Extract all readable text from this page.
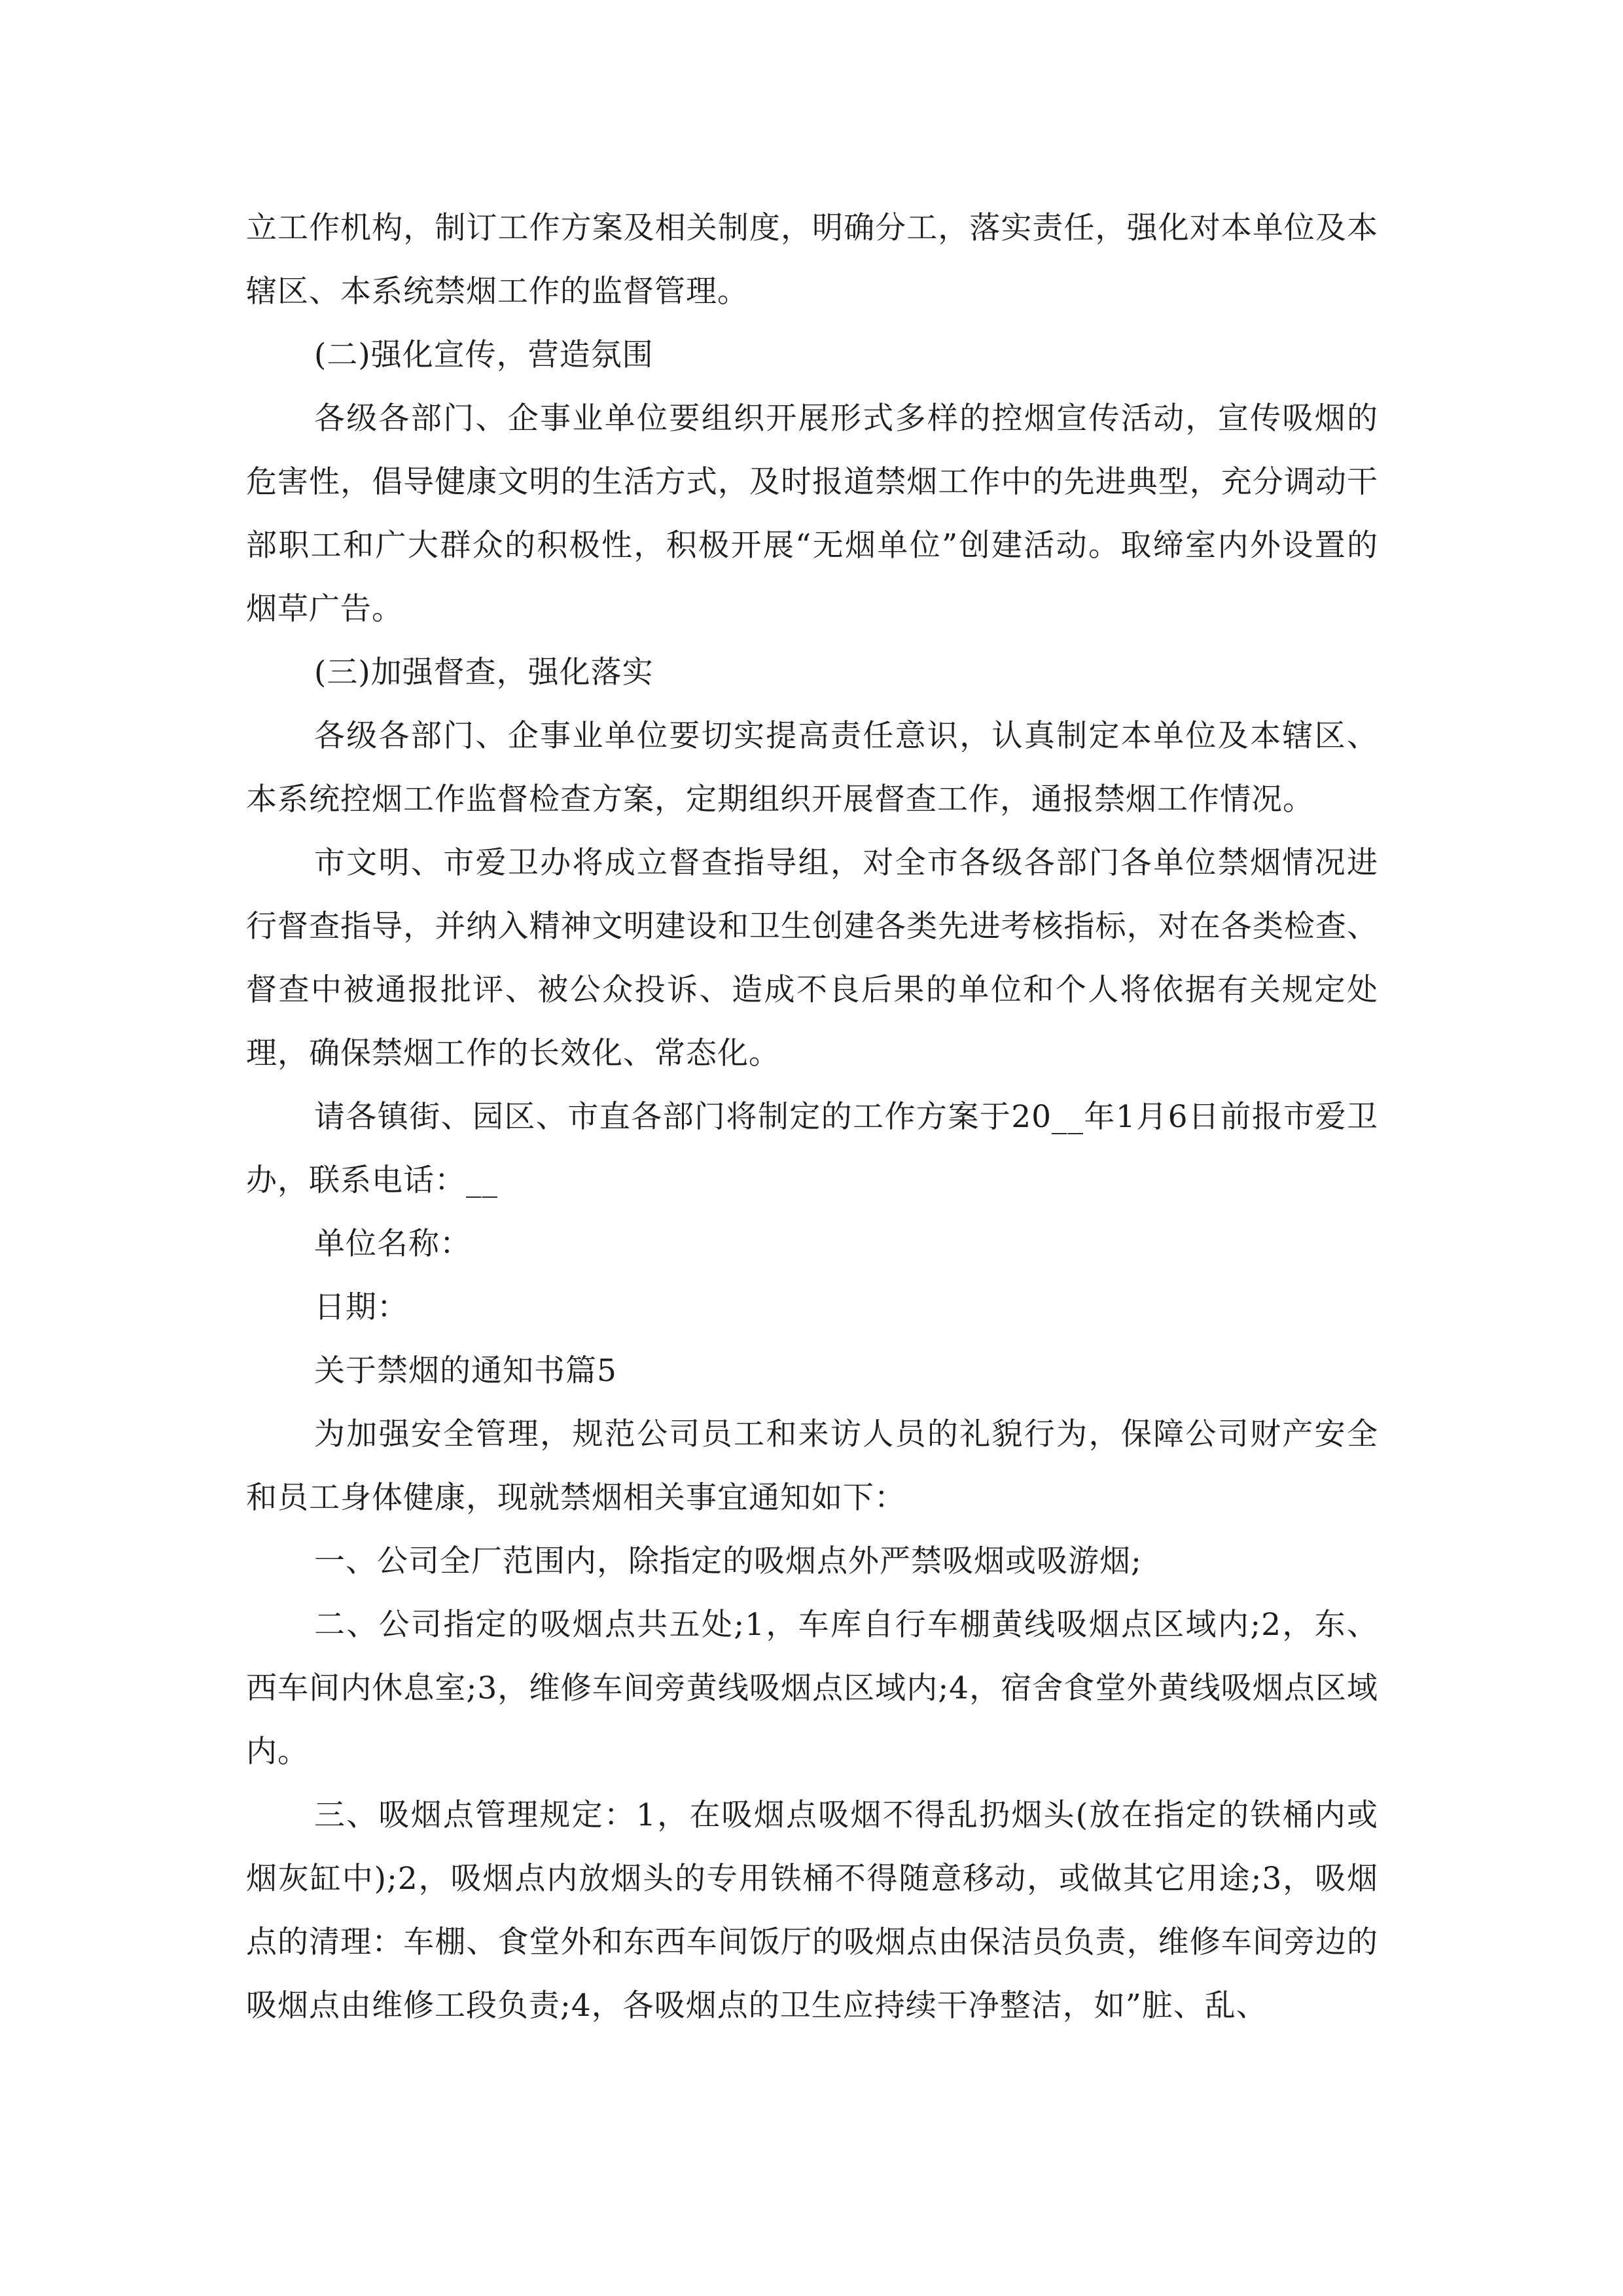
立工作机构，制订工作方案及相关制度，明确分工，落实责任，强化对本单位及本辖区、本系统禁烟工作的监督管理。

(二)强化宣传，营造氛围

各级各部门、企事业单位要组织开展形式多样的控烟宣传活动，宣传吸烟的危害性，倡导健康文明的生活方式，及时报道禁烟工作中的先进典型，充分调动干部职工和广大群众的积极性，积极开展“无烟单位”创建活动。取缔室内外设置的烟草广告。

(三)加强督查，强化落实

各级各部门、企事业单位要切实提高责任意识，认真制定本单位及本辖区、本系统控烟工作监督检查方案，定期组织开展督查工作，通报禁烟工作情况。

市文明、市爱卫办将成立督查指导组，对全市各级各部门各单位禁烟情况进行督查指导，并纳入精神文明建设和卫生创建各类先进考核指标，对在各类检查、督查中被通报批评、被公众投诉、造成不良后果的单位和个人将依据有关规定处理，确保禁烟工作的长效化、常态化。

请各镇街、园区、市直各部门将制定的工作方案于20__年1月6日前报市爱卫办，联系电话：__

单位名称：

日期：

关于禁烟的通知书篇5

为加强安全管理，规范公司员工和来访人员的礼貌行为，保障公司财产安全和员工身体健康，现就禁烟相关事宜通知如下：

一、公司全厂范围内，除指定的吸烟点外严禁吸烟或吸游烟;

二、公司指定的吸烟点共五处;1，车库自行车棚黄线吸烟点区域内;2，东、西车间内休息室;3，维修车间旁黄线吸烟点区域内;4，宿舍食堂外黄线吸烟点区域内。

三、吸烟点管理规定：1，在吸烟点吸烟不得乱扔烟头(放在指定的铁桶内或烟灰缸中);2，吸烟点内放烟头的专用铁桶不得随意移动，或做其它用途;3，吸烟点的清理：车棚、食堂外和东西车间饭厅的吸烟点由保洁员负责，维修车间旁边的吸烟点由维修工段负责;4，各吸烟点的卫生应持续干净整洁，如”脏、乱、
